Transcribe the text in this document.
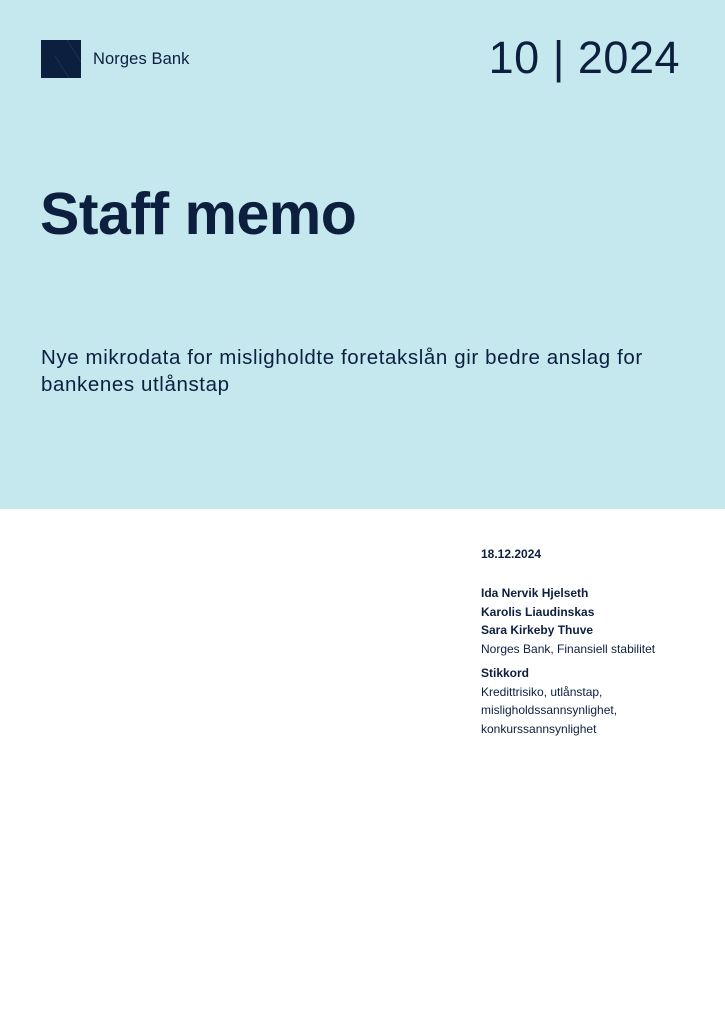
Norges Bank	10 | 2024
Staff memo

Nye mikrodata for misligholdte foretakslån gir bedre anslag for bankenes utlånstap

18.12.2024
Ida Nervik Hjelseth
Karolis Liaudinskas
Sara Kirkeby Thuve
Norges Bank, Finansiell stabilitet
Stikkord
Kredittrisiko, utlånstap,
misligholdssannsynlighet,
konkurssannsynlighet
